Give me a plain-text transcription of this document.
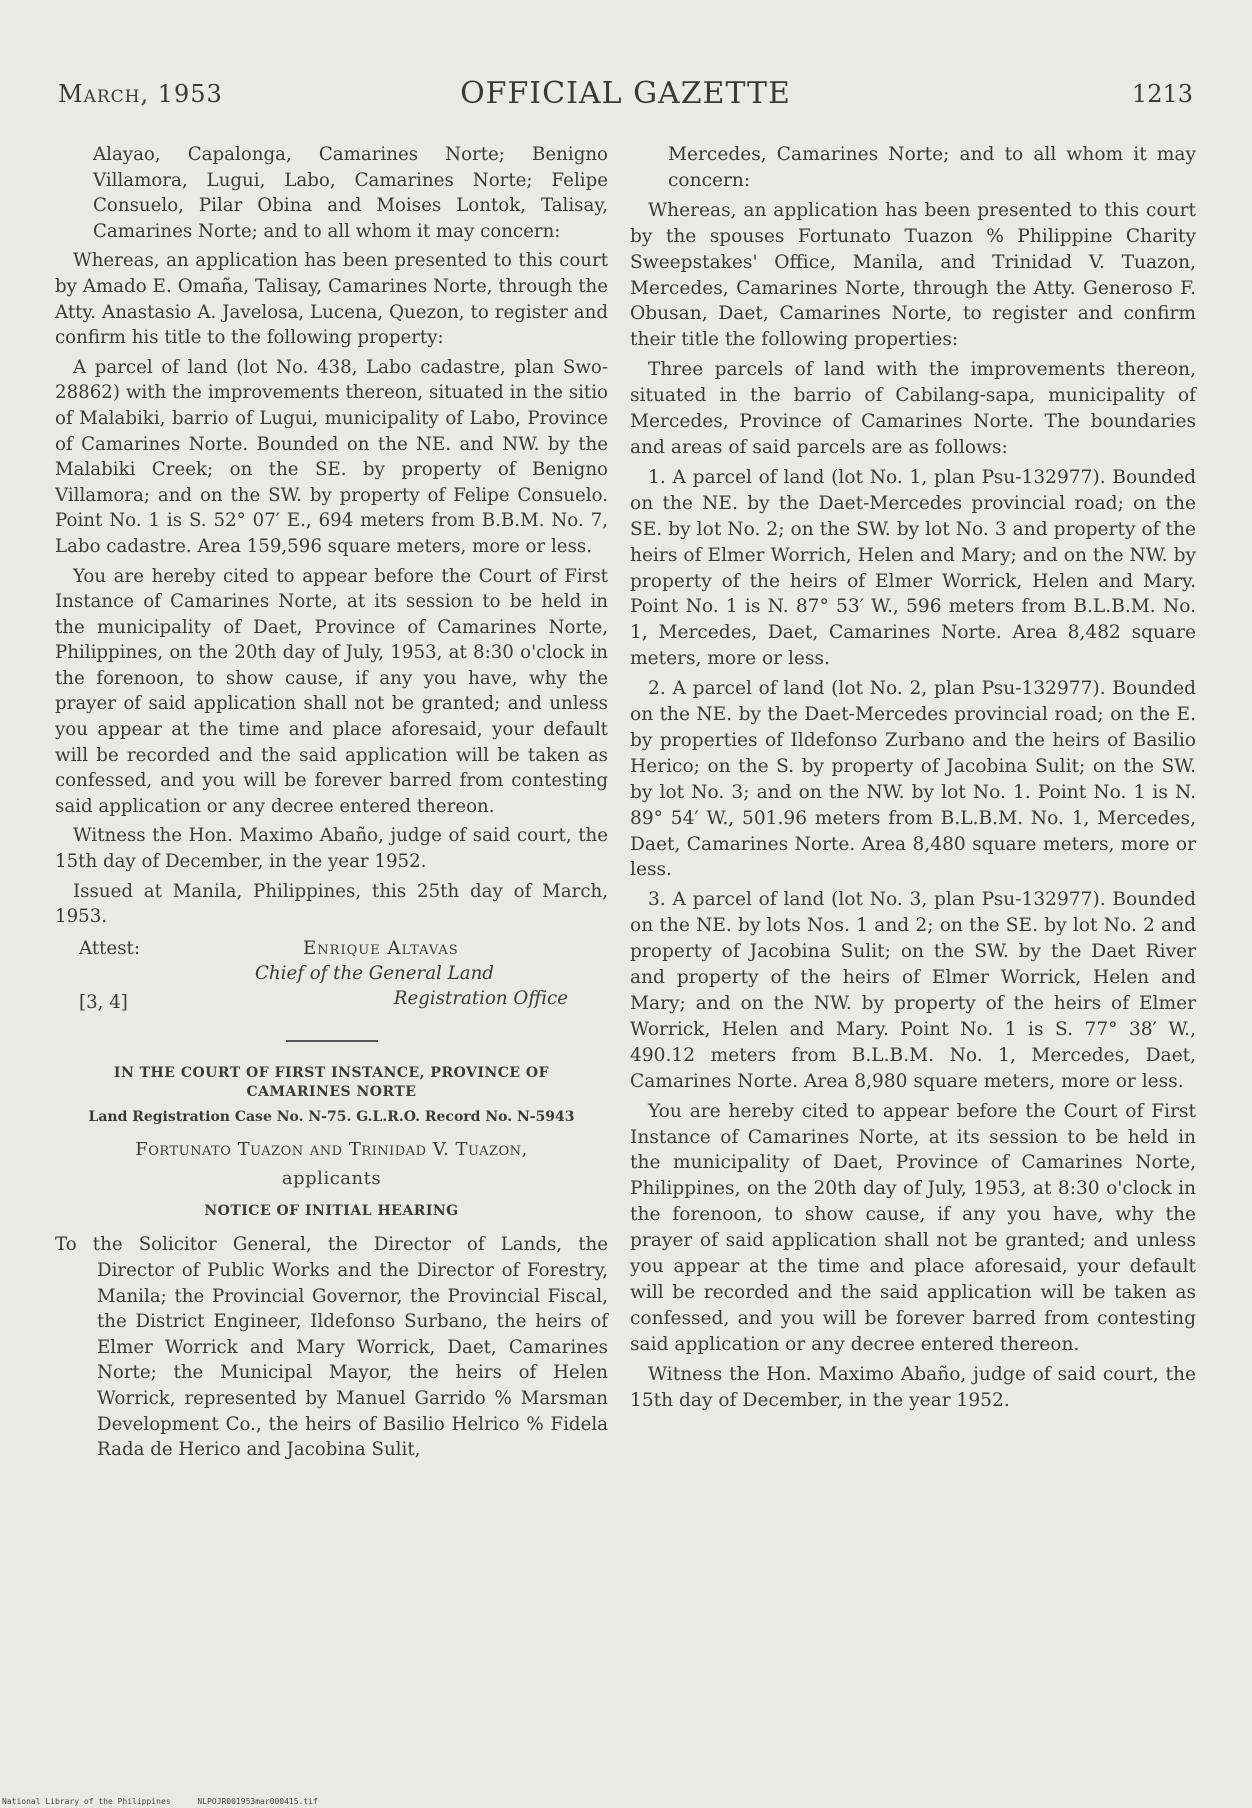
March, 1953	OFFICIAL GAZETTE	1213

Alayao, Capalonga, Camarines Norte; Benigno Villamora, Lugui, Labo, Camarines Norte; Felipe Consuelo, Pilar Obina and Moises Lontok, Talisay, Camarines Norte; and to all whom it may concern:

Whereas, an application has been presented to this court by Amado E. Omaña, Talisay, Camarines Norte, through the Atty. Anastasio A. Javelosa, Lucena, Quezon, to register and confirm his title to the following property:

A parcel of land (lot No. 438, Labo cadastre, plan Swo-28862) with the improvements thereon, situated in the sitio of Malabiki, barrio of Lugui, municipality of Labo, Province of Camarines Norte. Bounded on the NE. and NW. by the Malabiki Creek; on the SE. by property of Benigno Villamora; and on the SW. by property of Felipe Consuelo. Point No. 1 is S. 52° 07′ E., 694 meters from B.B.M. No. 7, Labo cadastre. Area 159,596 square meters, more or less.

You are hereby cited to appear before the Court of First Instance of Camarines Norte, at its session to be held in the municipality of Daet, Province of Camarines Norte, Philippines, on the 20th day of July, 1953, at 8:30 o'clock in the forenoon, to show cause, if any you have, why the prayer of said application shall not be granted; and unless you appear at the time and place aforesaid, your default will be recorded and the said application will be taken as confessed, and you will be forever barred from contesting said application or any decree entered thereon.

Witness the Hon. Maximo Abaño, judge of said court, the 15th day of December, in the year 1952.

Issued at Manila, Philippines, this 25th day of March, 1953.

Attest:	Enrique Altavas
Chief of the General Land
[3, 4]	Registration Office
IN THE COURT OF FIRST INSTANCE, PROVINCE OF CAMARINES NORTE
Land Registration Case No. N-75. G.L.R.O. Record No. N-5943
Fortunato Tuazon and Trinidad V. Tuazon,
applicants
NOTICE OF INITIAL HEARING

To the Solicitor General, the Director of Lands, the Director of Public Works and the Director of Forestry, Manila; the Provincial Governor, the Provincial Fiscal, the District Engineer, Ildefonso Surbano, the heirs of Elmer Worrick and Mary Worrick, Daet, Camarines Norte; the Municipal Mayor, the heirs of Helen Worrick, represented by Manuel Garrido % Marsman Development Co., the heirs of Basilio Helrico % Fidela Rada de Herico and Jacobina Sulit,

Mercedes, Camarines Norte; and to all whom it may concern:

Whereas, an application has been presented to this court by the spouses Fortunato Tuazon % Philippine Charity Sweepstakes' Office, Manila, and Trinidad V. Tuazon, Mercedes, Camarines Norte, through the Atty. Generoso F. Obusan, Daet, Camarines Norte, to register and confirm their title the following properties:

Three parcels of land with the improvements thereon, situated in the barrio of Cabilang-sapa, municipality of Mercedes, Province of Camarines Norte. The boundaries and areas of said parcels are as follows:

1. A parcel of land (lot No. 1, plan Psu-132977). Bounded on the NE. by the Daet-Mercedes provincial road; on the SE. by lot No. 2; on the SW. by lot No. 3 and property of the heirs of Elmer Worrich, Helen and Mary; and on the NW. by property of the heirs of Elmer Worrick, Helen and Mary. Point No. 1 is N. 87° 53′ W., 596 meters from B.L.B.M. No. 1, Mercedes, Daet, Camarines Norte. Area 8,482 square meters, more or less.

2. A parcel of land (lot No. 2, plan Psu-132977). Bounded on the NE. by the Daet-Mercedes provincial road; on the E. by properties of Ildefonso Zurbano and the heirs of Basilio Herico; on the S. by property of Jacobina Sulit; on the SW. by lot No. 3; and on the NW. by lot No. 1. Point No. 1 is N. 89° 54′ W., 501.96 meters from B.L.B.M. No. 1, Mercedes, Daet, Camarines Norte. Area 8,480 square meters, more or less.

3. A parcel of land (lot No. 3, plan Psu-132977). Bounded on the NE. by lots Nos. 1 and 2; on the SE. by lot No. 2 and property of Jacobina Sulit; on the SW. by the Daet River and property of the heirs of Elmer Worrick, Helen and Mary; and on the NW. by property of the heirs of Elmer Worrick, Helen and Mary. Point No. 1 is S. 77° 38′ W., 490.12 meters from B.L.B.M. No. 1, Mercedes, Daet, Camarines Norte. Area 8,980 square meters, more or less.

You are hereby cited to appear before the Court of First Instance of Camarines Norte, at its session to be held in the municipality of Daet, Province of Camarines Norte, Philippines, on the 20th day of July, 1953, at 8:30 o'clock in the forenoon, to show cause, if any you have, why the prayer of said application shall not be granted; and unless you appear at the time and place aforesaid, your default will be recorded and the said application will be taken as confessed, and you will be forever barred from contesting said application or any decree entered thereon.

Witness the Hon. Maximo Abaño, judge of said court, the 15th day of December, in the year 1952.

National Library of the Philippines	NLPOJR001953mar000415.tif
